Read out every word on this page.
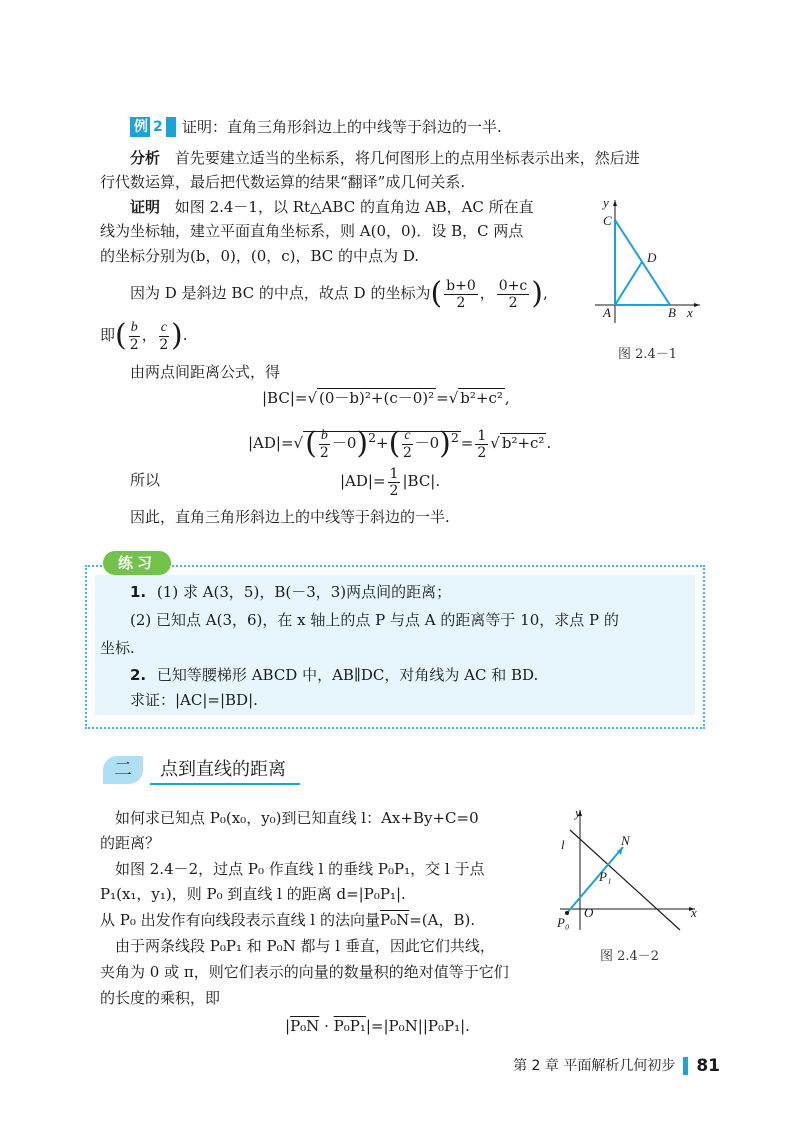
例 2	证明：直角三角形斜边上的中线等于斜边的一半.
分析 首先要建立适当的坐标系，将几何图形上的点用坐标表示出来，然后进
行代数运算，最后把代数运算的结果“翻译”成几何关系.
证明 如图 2.4－1，以 Rt△ABC 的直角边 AB，AC 所在直
线为坐标轴，建立平面直角坐标系，则 A(0，0)．设 B，C 两点
的坐标分别为(b，0)，(0，c)，BC 的中点为 D.
因为 D 是斜边 BC 的中点，故点 D 的坐标为( $\frac{b+0}{2}$ ， $\frac{0+c}{2}$ ),
即( $\frac{b}{2}$ ， $\frac{c}{2}$ ).
由两点间距离公式，得
|BC|=√ (0－b)²+(c－0)² =√ b²+c² ,
$|AD|=√( \frac{b}{2} -0)^2+( \frac{c}{2} -0)^2 = \frac{1}{2}$ √ b²+c² .
所以	$|AD|= \frac{1}{2} |BC|$.
因此，直角三角形斜边上的中线等于斜边的一半.
y
C
D
A	B x
图 2.4－1
练习
1. (1) 求 A(3，5)，B(－3，3)两点间的距离；
(2) 已知点 A(3，6)，在 x 轴上的点 P 与点 A 的距离等于 10，求点 P 的
坐标.
2. 已知等腰梯形 ABCD 中，AB∥DC，对角线为 AC 和 BD.
求证：|AC|=|BD|.
二	点到直线的距离
如何求已知点 P₀(x₀，y₀)到已知直线 l：Ax+By+C=0
的距离？
如图 2.4－2，过点 P₀ 作直线 l 的垂线 P₀P₁，交 l 于点
P₁(x₁，y₁)，则 P₀ 到直线 l 的距离 d=|P₀P₁|.
从 P₀ 出发作有向线段表示直线 l 的法向量P₀N=(A，B).
由于两条线段 P₀P₁ 和 P₀N 都与 l 垂直，因此它们共线，
夹角为 0 或 π，则它们表示的向量的数量积的绝对值等于它们
的长度的乘积，即
|P₀N · P₀P₁|=|P₀N||P₀P₁|.
y
l	N
P₁
O	x
P₀
图 2.4－2
第 2 章 平面解析几何初步 81
